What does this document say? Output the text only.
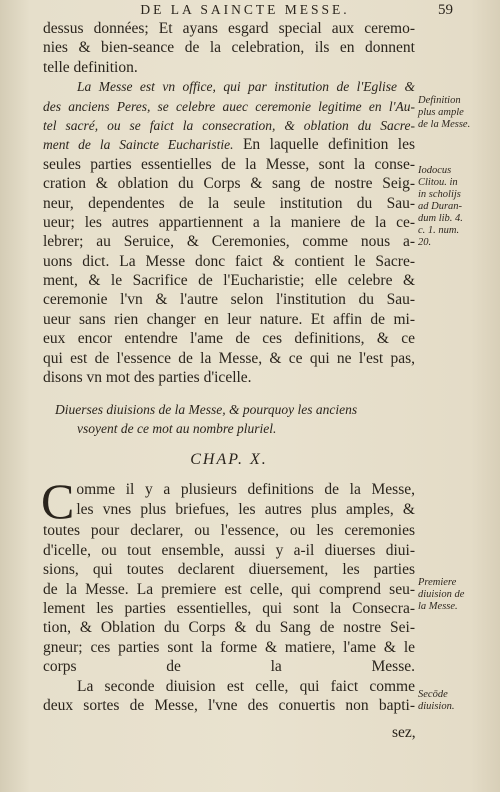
DE LA SAINCTE MESSE.	59
dessus données; Et ayans esgard special aux ceremo-
nies & bien-seance de la celebration, ils en donnent
telle definition.
La Messe est vn office, qui par institution de l'Eglise &
des anciens Peres, se celebre auec ceremonie legitime en l'Au-
tel sacré, ou se faict la consecration, & oblation du Sacre-
ment de la Saincte Eucharistie. En laquelle definition les
seules parties essentielles de la Messe, sont la conse-
cration & oblation du Corps & sang de nostre Seig-
neur, dependentes de la seule institution du Sau-
ueur; les autres appartiennent a la maniere de la ce-
lebrer; au Seruice, & Ceremonies, comme nous a-
uons dict. La Messe donc faict & contient le Sacre-
ment, & le Sacrifice de l'Eucharistie; elle celebre &
ceremonie l'vn & l'autre selon l'institution du Sau-
ueur sans rien changer en leur nature. Et affin de mi-
eux encor entendre l'ame de ces definitions, & ce
qui est de l'essence de la Messe, & ce qui ne l'est pas,
disons vn mot des parties d'icelle.
Diuerses diuisions de la Messe, & pourquoy les anciens
vsoyent de ce mot au nombre pluriel.
CHAP. X.
C omme il y a plusieurs definitions de la Messe,
les vnes plus briefues, les autres plus amples, &
toutes pour declarer, ou l'essence, ou les ceremonies
d'icelle, ou tout ensemble, aussi y a-il diuerses diui-
sions, qui toutes declarent diuersement, les parties
de la Messe. La premiere est celle, qui comprend seu-
lement les parties essentielles, qui sont la Consecra-
tion, & Oblation du Corps & du Sang de nostre Sei-
gneur; ces parties sont la forme & matiere, l'ame & le
corps de la Messe.
La seconde diuision est celle, qui faict comme
deux sortes de Messe, l'vne des conuertis non bapti-
Definition
plus ample
de la Messe.
Iodocus
Clitou. in
in scholijs
ad Duran-
dum lib. 4.
c. 1. num.
20.
Premiere
diuision de
la Messe.
Secōde
diuision.
sez,
